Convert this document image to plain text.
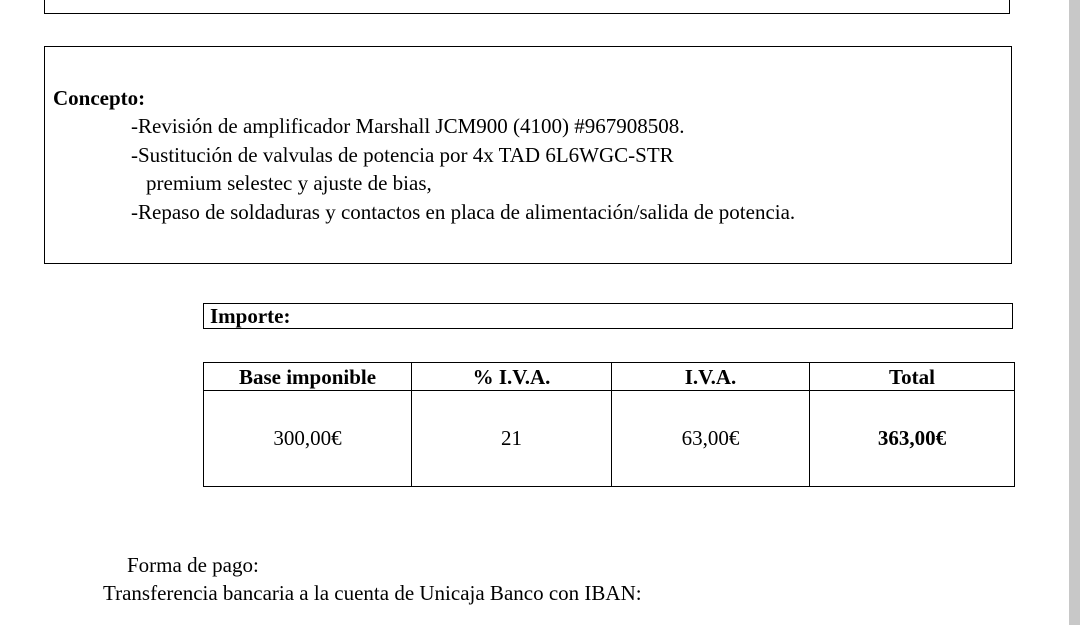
Concepto:
-Revisión de amplificador Marshall JCM900 (4100) #967908508.
-Sustitución de valvulas de potencia por 4x TAD 6L6WGC-STR
premium selestec y ajuste de bias,
-Repaso de soldaduras y contactos en placa de alimentación/salida de potencia.
Importe:
Base imponible	% I.V.A.	I.V.A.	Total
300,00€	21	63,00€	363,00€
Forma de pago:
Transferencia bancaria a la cuenta de Unicaja Banco con IBAN:
